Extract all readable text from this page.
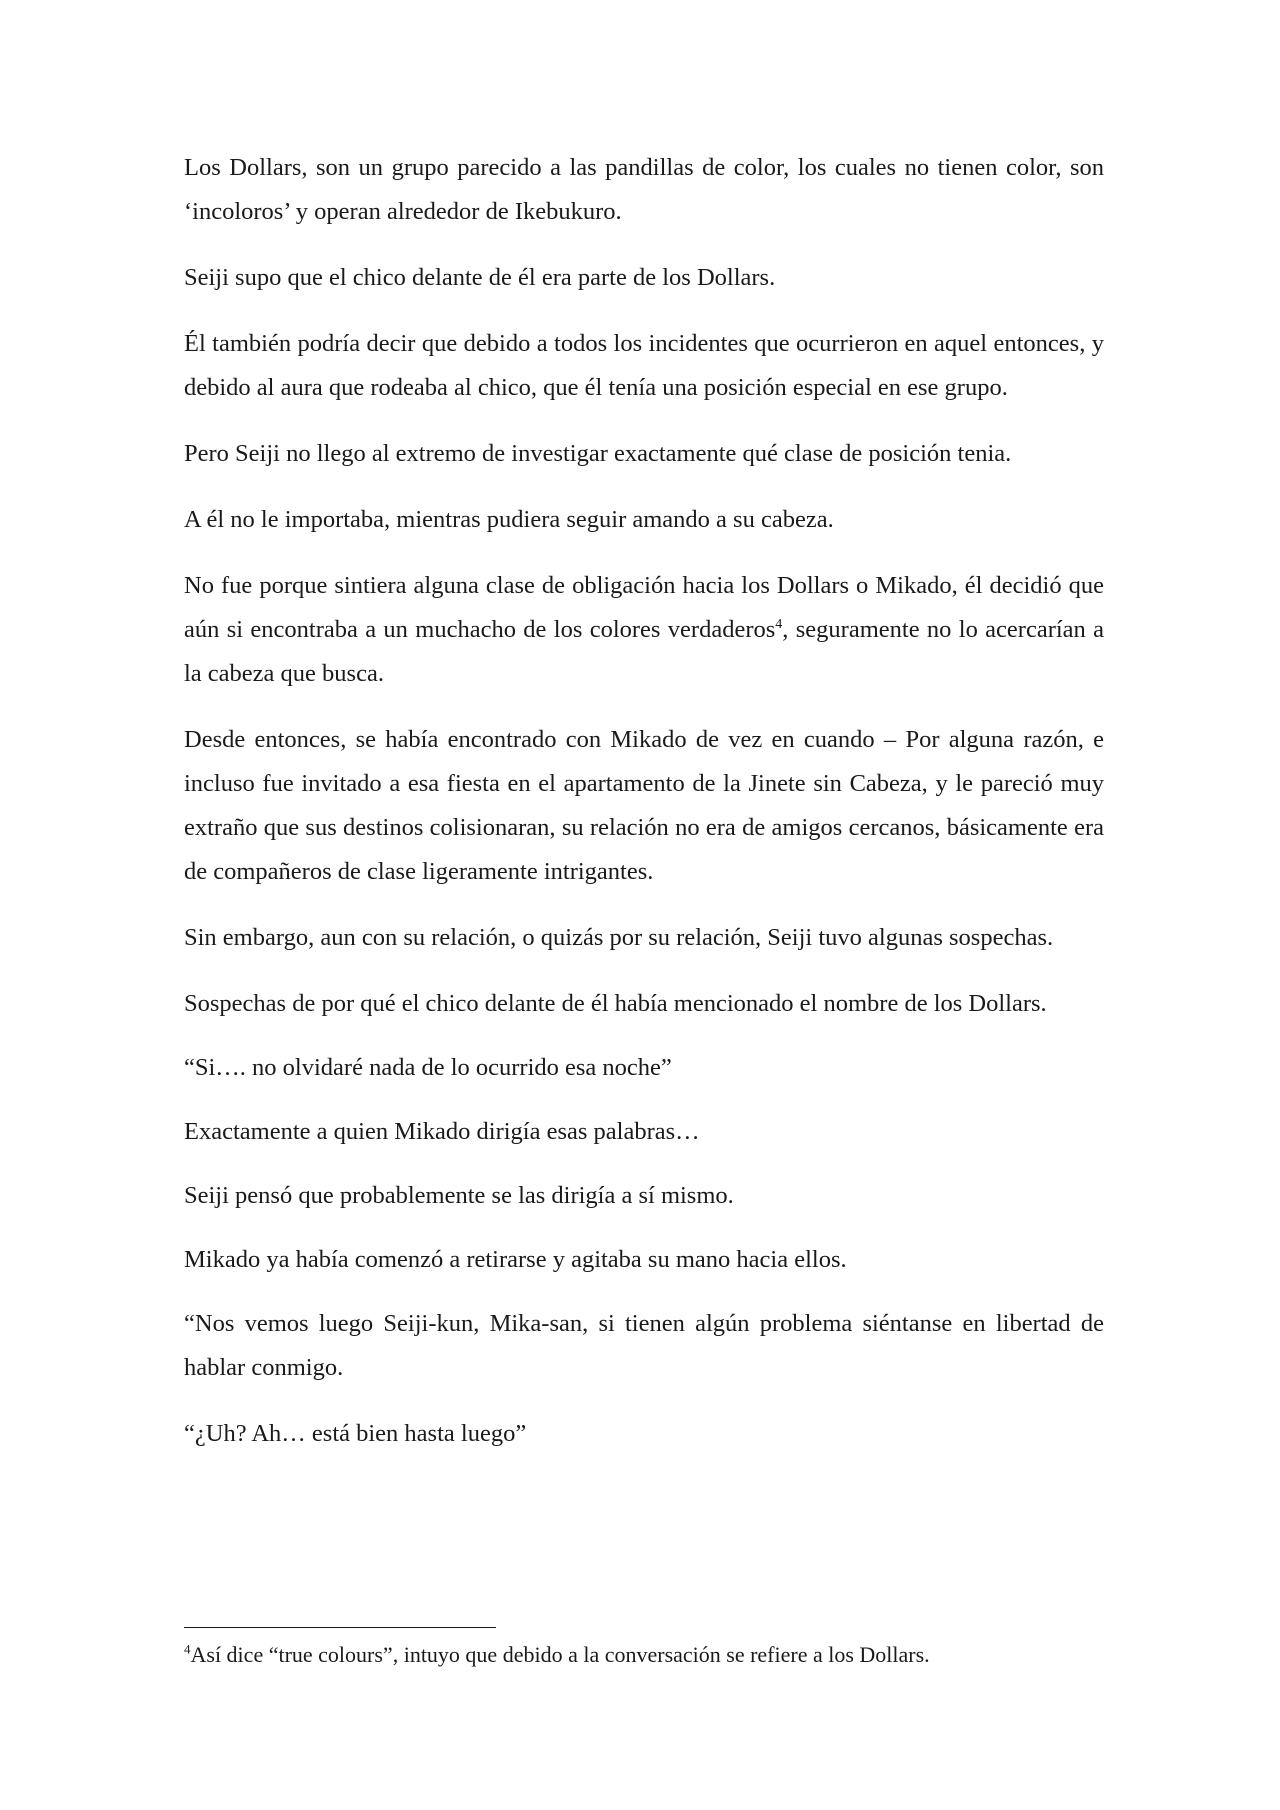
Los Dollars, son un grupo parecido a las pandillas de color, los cuales no tienen color, son ‘incoloros’ y operan alrededor de Ikebukuro.

Seiji supo que el chico delante de él era parte de los Dollars.

Él también podría decir que debido a todos los incidentes que ocurrieron en aquel entonces, y debido al aura que rodeaba al chico, que él tenía una posición especial en ese grupo.

Pero Seiji no llego al extremo de investigar exactamente qué clase de posición tenia.

A él no le importaba, mientras pudiera seguir amando a su cabeza.

No fue porque sintiera alguna clase de obligación hacia los Dollars o Mikado, él decidió que aún si encontraba a un muchacho de los colores verdaderos$^4$, seguramente no lo acercarían a la cabeza que busca.

Desde entonces, se había encontrado con Mikado de vez en cuando – Por alguna razón, e incluso fue invitado a esa fiesta en el apartamento de la Jinete sin Cabeza, y le pareció muy extraño que sus destinos colisionaran, su relación no era de amigos cercanos, básicamente era de compañeros de clase ligeramente intrigantes.

Sin embargo, aun con su relación, o quizás por su relación, Seiji tuvo algunas sospechas.

Sospechas de por qué el chico delante de él había mencionado el nombre de los Dollars.

“Si…. no olvidaré nada de lo ocurrido esa noche”

Exactamente a quien Mikado dirigía esas palabras…

Seiji pensó que probablemente se las dirigía a sí mismo.

Mikado ya había comenzó a retirarse y agitaba su mano hacia ellos.

“Nos vemos luego Seiji-kun, Mika-san, si tienen algún problema siéntanse en libertad de hablar conmigo.

“¿Uh? Ah… está bien hasta luego”

$^4$Así dice “true colours”, intuyo que debido a la conversación se refiere a los Dollars.
